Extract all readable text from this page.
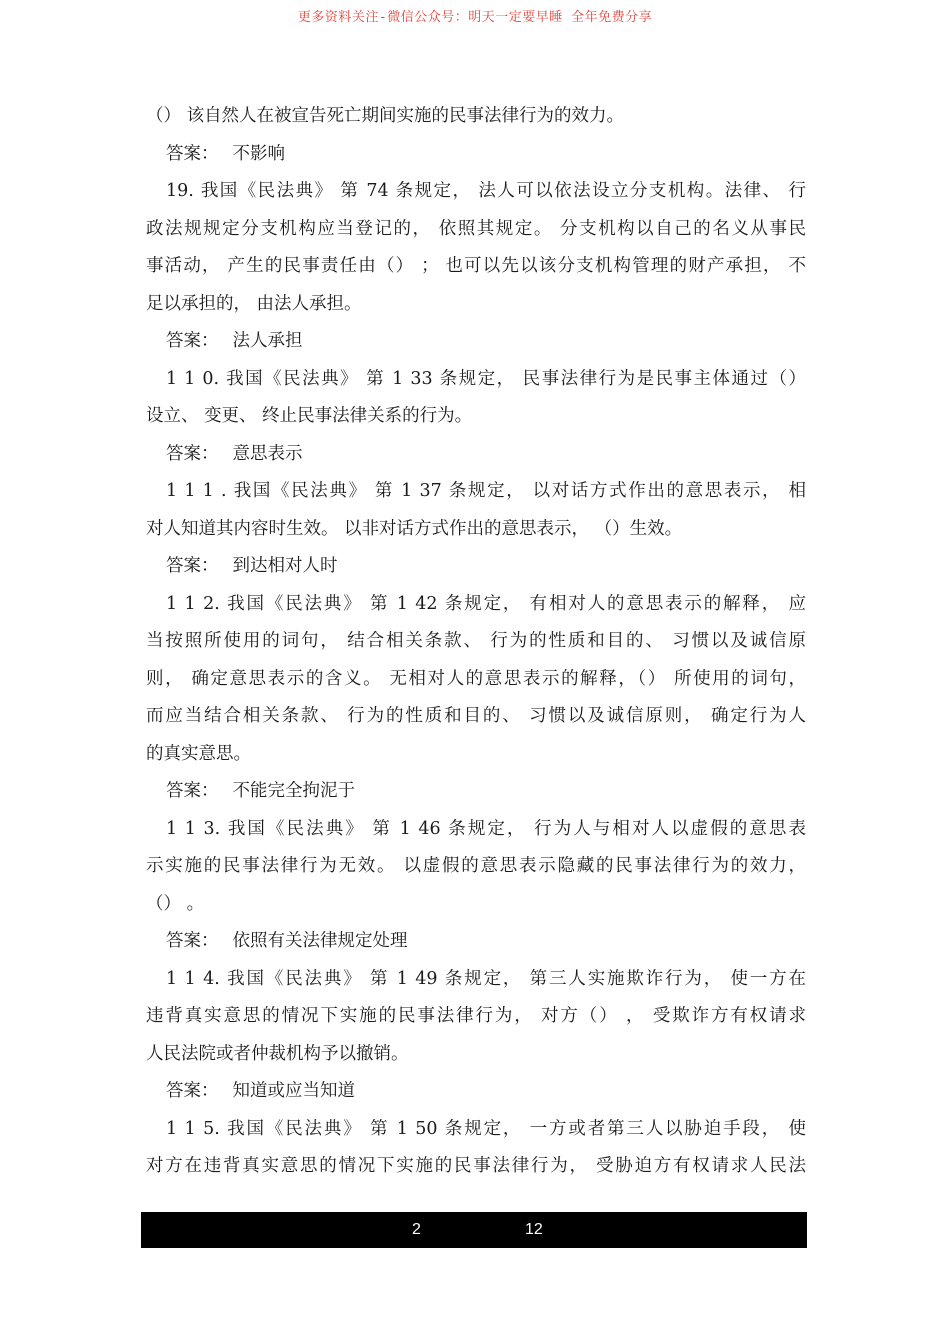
更多资料关注-微信公众号：明天一定要早睡 全年免费分享
（） 该自然人在被宣告死亡期间实施的民事法律行为的效力。
答案： 不影响
19. 我国《民法典》 第 74 条规定， 法人可以依法设立分支机构。法律、 行
政法规规定分支机构应当登记的， 依照其规定。 分支机构以自己的名义从事民
事活动， 产生的民事责任由（） ； 也可以先以该分支机构管理的财产承担， 不
足以承担的， 由法人承担。
答案： 法人承担
1 1 0. 我国《民法典》 第 1 33 条规定， 民事法律行为是民事主体通过（）
设立、 变更、 终止民事法律关系的行为。
答案： 意思表示
1 1 1 . 我国《民法典》 第 1 37 条规定， 以对话方式作出的意思表示， 相
对人知道其内容时生效。 以非对话方式作出的意思表示， （）生效。
答案： 到达相对人时
1 1 2. 我国《民法典》 第 1 42 条规定， 有相对人的意思表示的解释， 应
当按照所使用的词句， 结合相关条款、 行为的性质和目的、 习惯以及诚信原
则， 确定意思表示的含义。 无相对人的意思表示的解释，（） 所使用的词句，
而应当结合相关条款、 行为的性质和目的、 习惯以及诚信原则， 确定行为人
的真实意思。
答案： 不能完全拘泥于
1 1 3. 我国《民法典》 第 1 46 条规定， 行为人与相对人以虚假的意思表
示实施的民事法律行为无效。 以虚假的意思表示隐藏的民事法律行为的效力，
（） 。
答案： 依照有关法律规定处理
1 1 4. 我国《民法典》 第 1 49 条规定， 第三人实施欺诈行为， 使一方在
违背真实意思的情况下实施的民事法律行为， 对方（） ， 受欺诈方有权请求
人民法院或者仲裁机构予以撤销。
答案： 知道或应当知道
1 1 5. 我国《民法典》 第 1 50 条规定， 一方或者第三人以胁迫手段， 使
对方在违背真实意思的情况下实施的民事法律行为， 受胁迫方有权请求人民法
2	12
